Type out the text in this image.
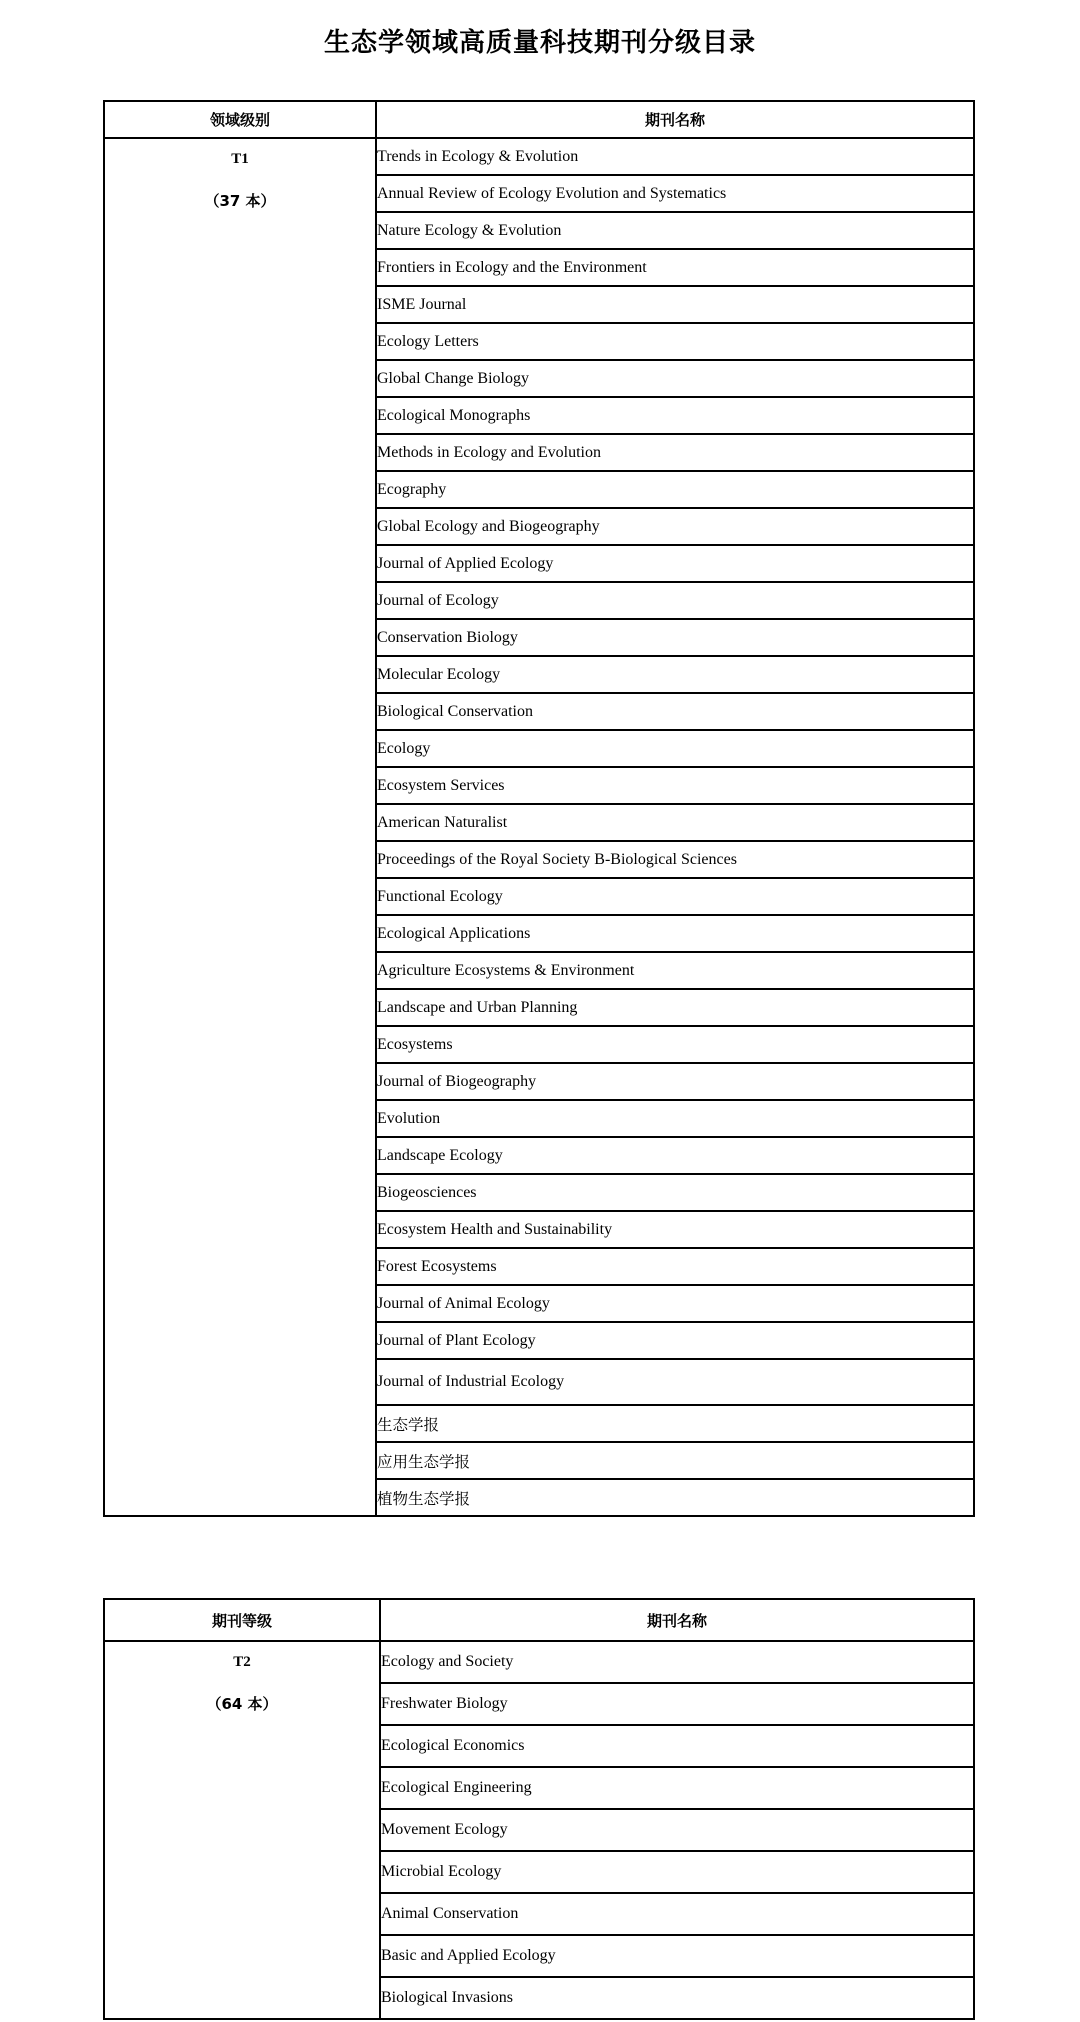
生态学领域高质量科技期刊分级目录
领域级别	期刊名称

T1
（37 本）	Trends in Ecology & Evolution
	Annual Review of Ecology Evolution and Systematics
	Nature Ecology & Evolution
	Frontiers in Ecology and the Environment
	ISME Journal
	Ecology Letters
	Global Change Biology
	Ecological Monographs
	Methods in Ecology and Evolution
	Ecography
	Global Ecology and Biogeography
	Journal of Applied Ecology
	Journal of Ecology
	Conservation Biology
	Molecular Ecology
	Biological Conservation
	Ecology
	Ecosystem Services
	American Naturalist
	Proceedings of the Royal Society B-Biological Sciences
	Functional Ecology
	Ecological Applications
	Agriculture Ecosystems & Environment
	Landscape and Urban Planning
	Ecosystems
	Journal of Biogeography
	Evolution
	Landscape Ecology
	Biogeosciences
	Ecosystem Health and Sustainability
	Forest Ecosystems
	Journal of Animal Ecology
	Journal of Plant Ecology
	Journal of Industrial Ecology
	生态学报
	应用生态学报
	植物生态学报
期刊等级	期刊名称

T2
（64 本）	Ecology and Society
	Freshwater Biology
	Ecological Economics
	Ecological Engineering
	Movement Ecology
	Microbial Ecology
	Animal Conservation
	Basic and Applied Ecology
	Biological Invasions
